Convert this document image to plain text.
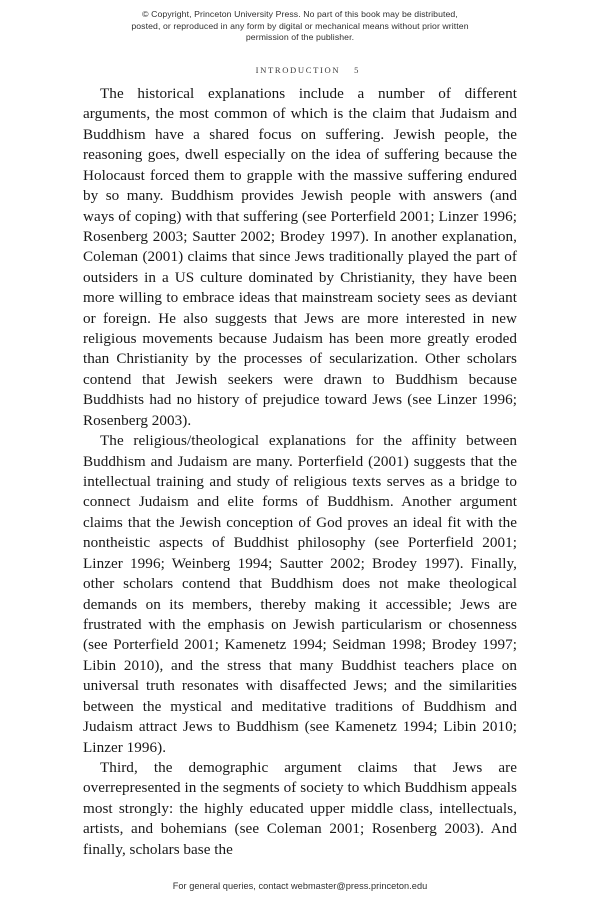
© Copyright, Princeton University Press. No part of this book may be distributed, posted, or reproduced in any form by digital or mechanical means without prior written permission of the publisher.

INTRODUCTION 5

The historical explanations include a number of different arguments, the most common of which is the claim that Judaism and Buddhism have a shared focus on suffering. Jewish people, the reasoning goes, dwell especially on the idea of suffering because the Holocaust forced them to grapple with the massive suffering endured by so many. Buddhism provides Jewish people with answers (and ways of coping) with that suffering (see Porterfield 2001; Linzer 1996; Rosenberg 2003; Sautter 2002; Brodey 1997). In another explanation, Coleman (2001) claims that since Jews traditionally played the part of outsiders in a US culture dominated by Christianity, they have been more willing to embrace ideas that mainstream society sees as deviant or foreign. He also suggests that Jews are more interested in new religious movements because Judaism has been more greatly eroded than Christianity by the processes of secularization. Other scholars contend that Jewish seekers were drawn to Buddhism because Buddhists had no history of prejudice toward Jews (see Linzer 1996; Rosenberg 2003).

The religious/theological explanations for the affinity between Buddhism and Judaism are many. Porterfield (2001) suggests that the intellectual training and study of religious texts serves as a bridge to connect Judaism and elite forms of Buddhism. Another argument claims that the Jewish conception of God proves an ideal fit with the nontheistic aspects of Buddhist philosophy (see Porterfield 2001; Linzer 1996; Weinberg 1994; Sautter 2002; Brodey 1997). Finally, other scholars contend that Buddhism does not make theological demands on its members, thereby making it accessible; Jews are frustrated with the emphasis on Jewish particularism or chosenness (see Porterfield 2001; Kamenetz 1994; Seidman 1998; Brodey 1997; Libin 2010), and the stress that many Buddhist teachers place on universal truth resonates with disaffected Jews; and the similarities between the mystical and meditative traditions of Buddhism and Judaism attract Jews to Buddhism (see Kamenetz 1994; Libin 2010; Linzer 1996).

Third, the demographic argument claims that Jews are overrepresented in the segments of society to which Buddhism appeals most strongly: the highly educated upper middle class, intellectuals, artists, and bohemians (see Coleman 2001; Rosenberg 2003). And finally, scholars base the

For general queries, contact webmaster@press.princeton.edu
